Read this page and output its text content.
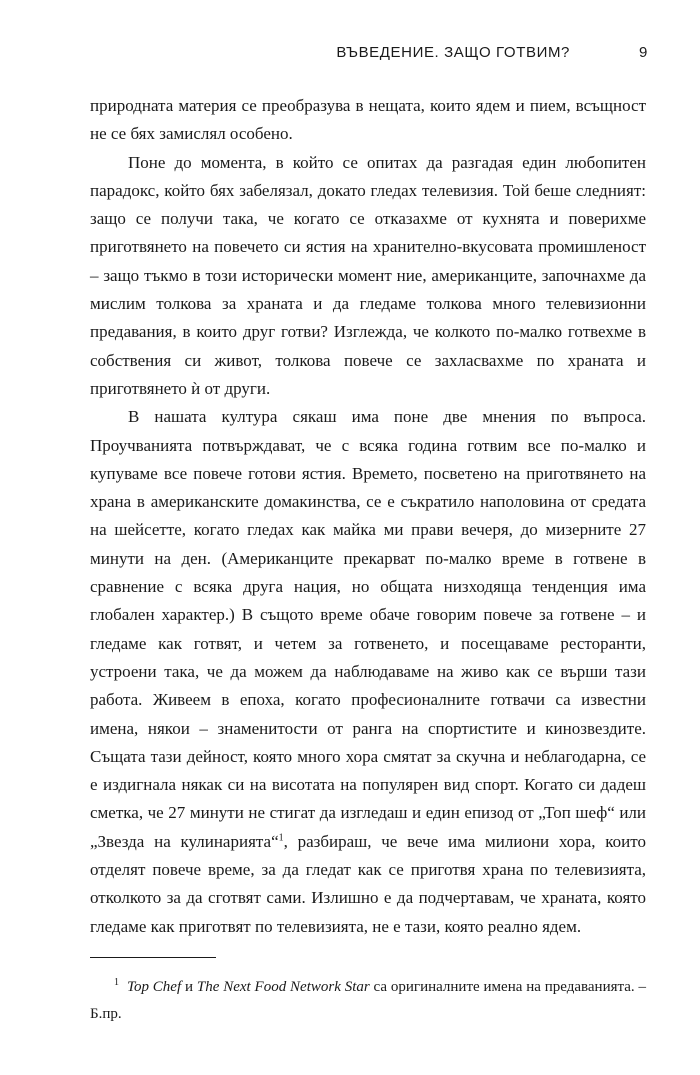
ВЪВЕДЕНИЕ. ЗАЩО ГОТВИМ?	9

природната материя се преобразува в нещата, които ядем и пием, всъщност не се бях замислял особено.

Поне до момента, в който се опитах да разгадая един любопитен парадокс, който бях забелязал, докато гледах телевизия. Той беше следният: защо се получи така, че когато се отказахме от кухнята и поверихме приготвянето на повечето си ястия на хранително-вкусовата промишленост – защо тъкмо в този исторически момент ние, американците, започнахме да мислим толкова за храната и да гледаме толкова много телевизионни предавания, в които друг готви? Изглежда, че колкото по-малко готвехме в собствения си живот, толкова повече се захласвахме по храната и приготвянето ѝ от други.

В нашата култура сякаш има поне две мнения по въпроса. Проучванията потвърждават, че с всяка година готвим все по-малко и купуваме все повече готови ястия. Времето, посветено на приготвянето на храна в американските домакинства, се е съкратило наполовина от средата на шейсетте, когато гледах как майка ми прави вечеря, до мизерните 27 минути на ден. (Американците прекарват по-малко време в готвене в сравнение с всяка друга нация, но общата низходяща тенденция има глобален характер.) В същото време обаче говорим повече за готвене – и гледаме как готвят, и четем за готвенето, и посещаваме ресторанти, устроени така, че да можем да наблюдаваме на живо как се върши тази работа. Живеем в епоха, когато професионалните готвачи са известни имена, някои – знаменитости от ранга на спортистите и кинозвездите. Същата тази дейност, която много хора смятат за скучна и неблагодарна, се е издигнала някак си на висотата на популярен вид спорт. Когато си дадеш сметка, че 27 минути не стигат да изгледаш и един епизод от „Топ шеф“ или „Звезда на кулинарията“$^1$, разбираш, че вече има милиони хора, които отделят повече време, за да гледат как се приготвя храна по телевизията, отколкото за да сготвят сами. Излишно е да подчертавам, че храната, която гледаме как приготвят по телевизията, не е тази, която реално ядем.

$^1$ Top Chef и The Next Food Network Star са оригиналните имена на предаванията. – Б.пр.
